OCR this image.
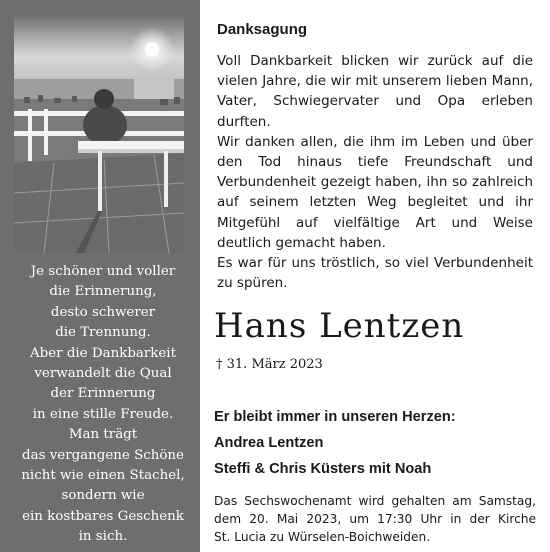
Je schöner und voller
die Erinnerung,
desto schwerer
die Trennung.
Aber die Dankbarkeit
verwandelt die Qual
der Erinnerung
in eine stille Freude.
Man trägt
das vergangene Schöne
nicht wie einen Stachel,
sondern wie
ein kostbares Geschenk
in sich.
Danksagung
Voll Dankbarkeit blicken wir zurück auf die
vielen Jahre, die wir mit unserem lieben Mann,
Vater, Schwiegervater und Opa erleben
durften.
Wir danken allen, die ihm im Leben und über
den Tod hinaus tiefe Freundschaft und
Verbundenheit gezeigt haben, ihn so zahlreich
auf seinem letzten Weg begleitet und ihr
Mitgefühl auf vielfältige Art und Weise
deutlich gemacht haben.
Es war für uns tröstlich, so viel Verbundenheit
zu spüren.
Hans Lentzen
† 31. März 2023
Er bleibt immer in unseren Herzen:
Andrea Lentzen
Steffi & Chris Küsters mit Noah
Das Sechswochenamt wird gehalten am Samstag,
dem 20. Mai 2023, um 17:30 Uhr in der Kirche
St. Lucia zu Würselen-Boichweiden.
